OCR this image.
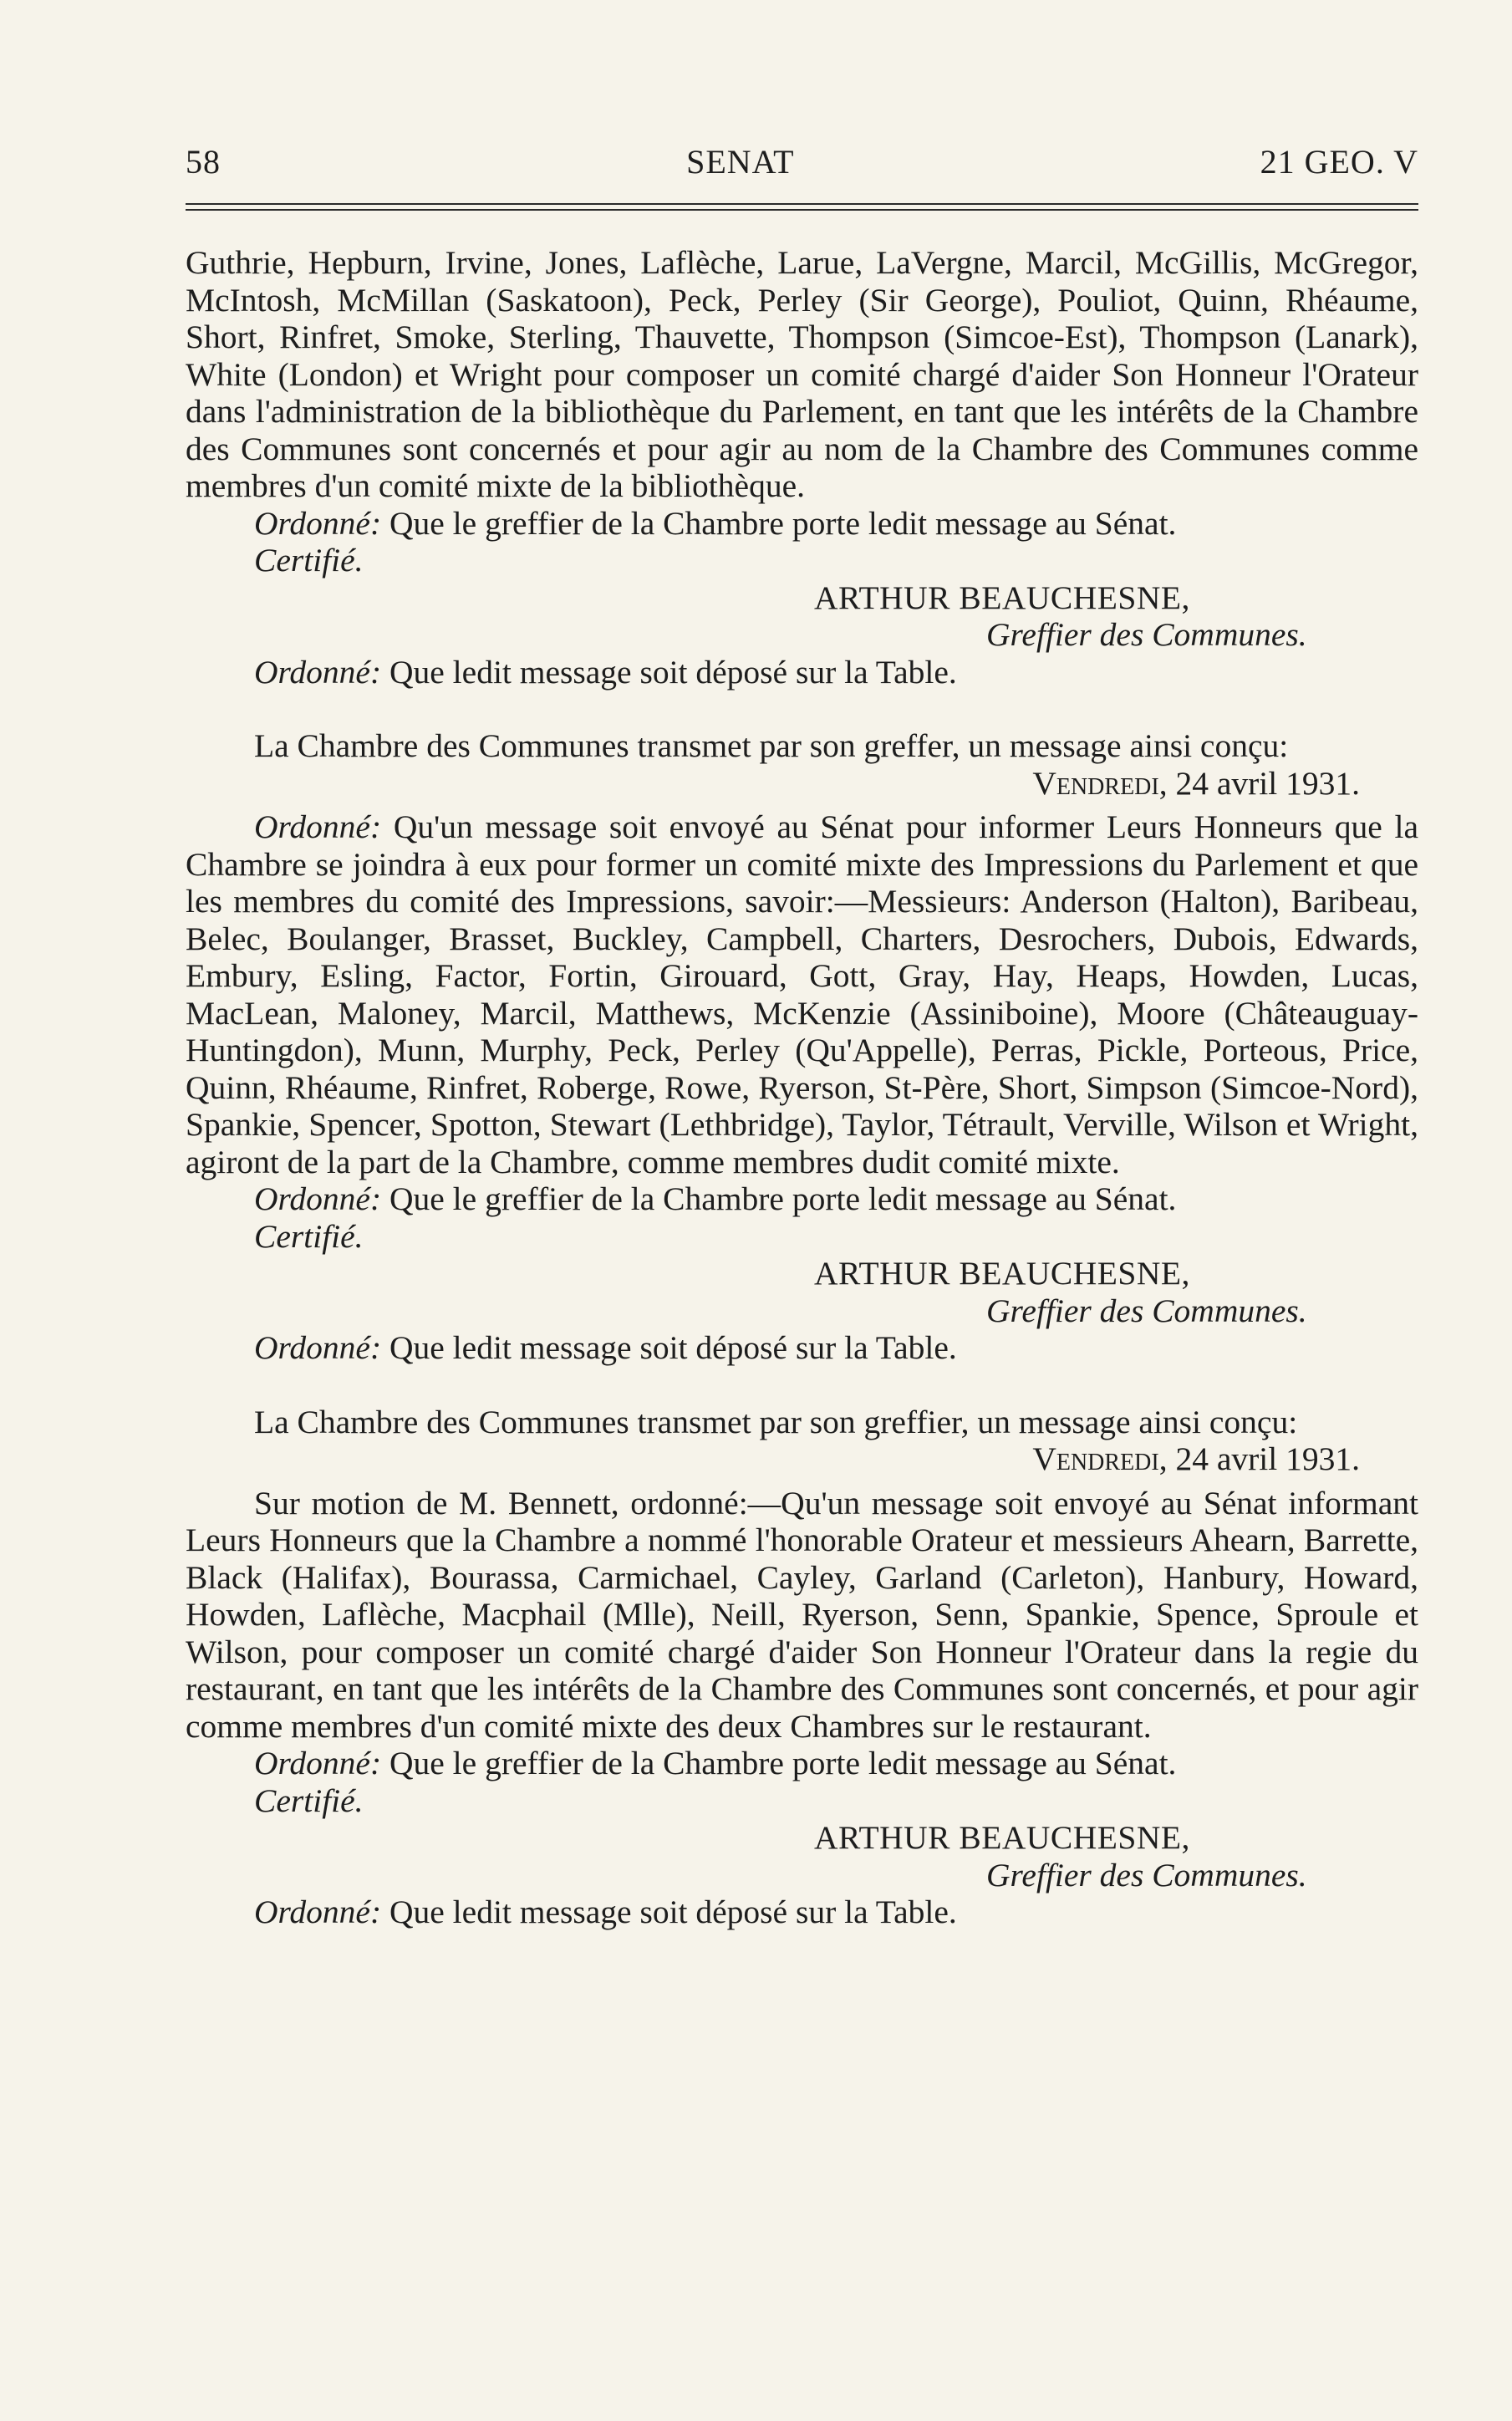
58	SENAT	21 GEO. V

Guthrie, Hepburn, Irvine, Jones, Laflèche, Larue, LaVergne, Marcil, McGillis, McGregor, McIntosh, McMillan (Saskatoon), Peck, Perley (Sir George), Pouliot, Quinn, Rhéaume, Short, Rinfret, Smoke, Sterling, Thauvette, Thompson (Simcoe-Est), Thompson (Lanark), White (London) et Wright pour composer un comité chargé d'aider Son Honneur l'Orateur dans l'administration de la bibliothèque du Parlement, en tant que les intérêts de la Chambre des Communes sont concernés et pour agir au nom de la Chambre des Communes comme membres d'un comité mixte de la bibliothèque.

Ordonné: Que le greffier de la Chambre porte ledit message au Sénat.

Certifié.

ARTHUR BEAUCHESNE,

Greffier des Communes.

Ordonné: Que ledit message soit déposé sur la Table.

La Chambre des Communes transmet par son greffer, un message ainsi conçu:

Vendredi, 24 avril 1931.

Ordonné: Qu'un message soit envoyé au Sénat pour informer Leurs Honneurs que la Chambre se joindra à eux pour former un comité mixte des Impressions du Parlement et que les membres du comité des Impressions, savoir:—Messieurs: Anderson (Halton), Baribeau, Belec, Boulanger, Brasset, Buckley, Campbell, Charters, Desrochers, Dubois, Edwards, Embury, Esling, Factor, Fortin, Girouard, Gott, Gray, Hay, Heaps, Howden, Lucas, MacLean, Maloney, Marcil, Matthews, McKenzie (Assiniboine), Moore (Châteauguay-Huntingdon), Munn, Murphy, Peck, Perley (Qu'Appelle), Perras, Pickle, Porteous, Price, Quinn, Rhéaume, Rinfret, Roberge, Rowe, Ryerson, St-Père, Short, Simpson (Simcoe-Nord), Spankie, Spencer, Spotton, Stewart (Lethbridge), Taylor, Tétrault, Verville, Wilson et Wright, agiront de la part de la Chambre, comme membres dudit comité mixte.

Ordonné: Que le greffier de la Chambre porte ledit message au Sénat.

Certifié.

ARTHUR BEAUCHESNE,

Greffier des Communes.

Ordonné: Que ledit message soit déposé sur la Table.

La Chambre des Communes transmet par son greffier, un message ainsi conçu:

Vendredi, 24 avril 1931.

Sur motion de M. Bennett, ordonné:—Qu'un message soit envoyé au Sénat informant Leurs Honneurs que la Chambre a nommé l'honorable Orateur et messieurs Ahearn, Barrette, Black (Halifax), Bourassa, Carmichael, Cayley, Garland (Carleton), Hanbury, Howard, Howden, Laflèche, Macphail (Mlle), Neill, Ryerson, Senn, Spankie, Spence, Sproule et Wilson, pour composer un comité chargé d'aider Son Honneur l'Orateur dans la regie du restaurant, en tant que les intérêts de la Chambre des Communes sont concernés, et pour agir comme membres d'un comité mixte des deux Chambres sur le restaurant.

Ordonné: Que le greffier de la Chambre porte ledit message au Sénat.

Certifié.

ARTHUR BEAUCHESNE,

Greffier des Communes.

Ordonné: Que ledit message soit déposé sur la Table.
